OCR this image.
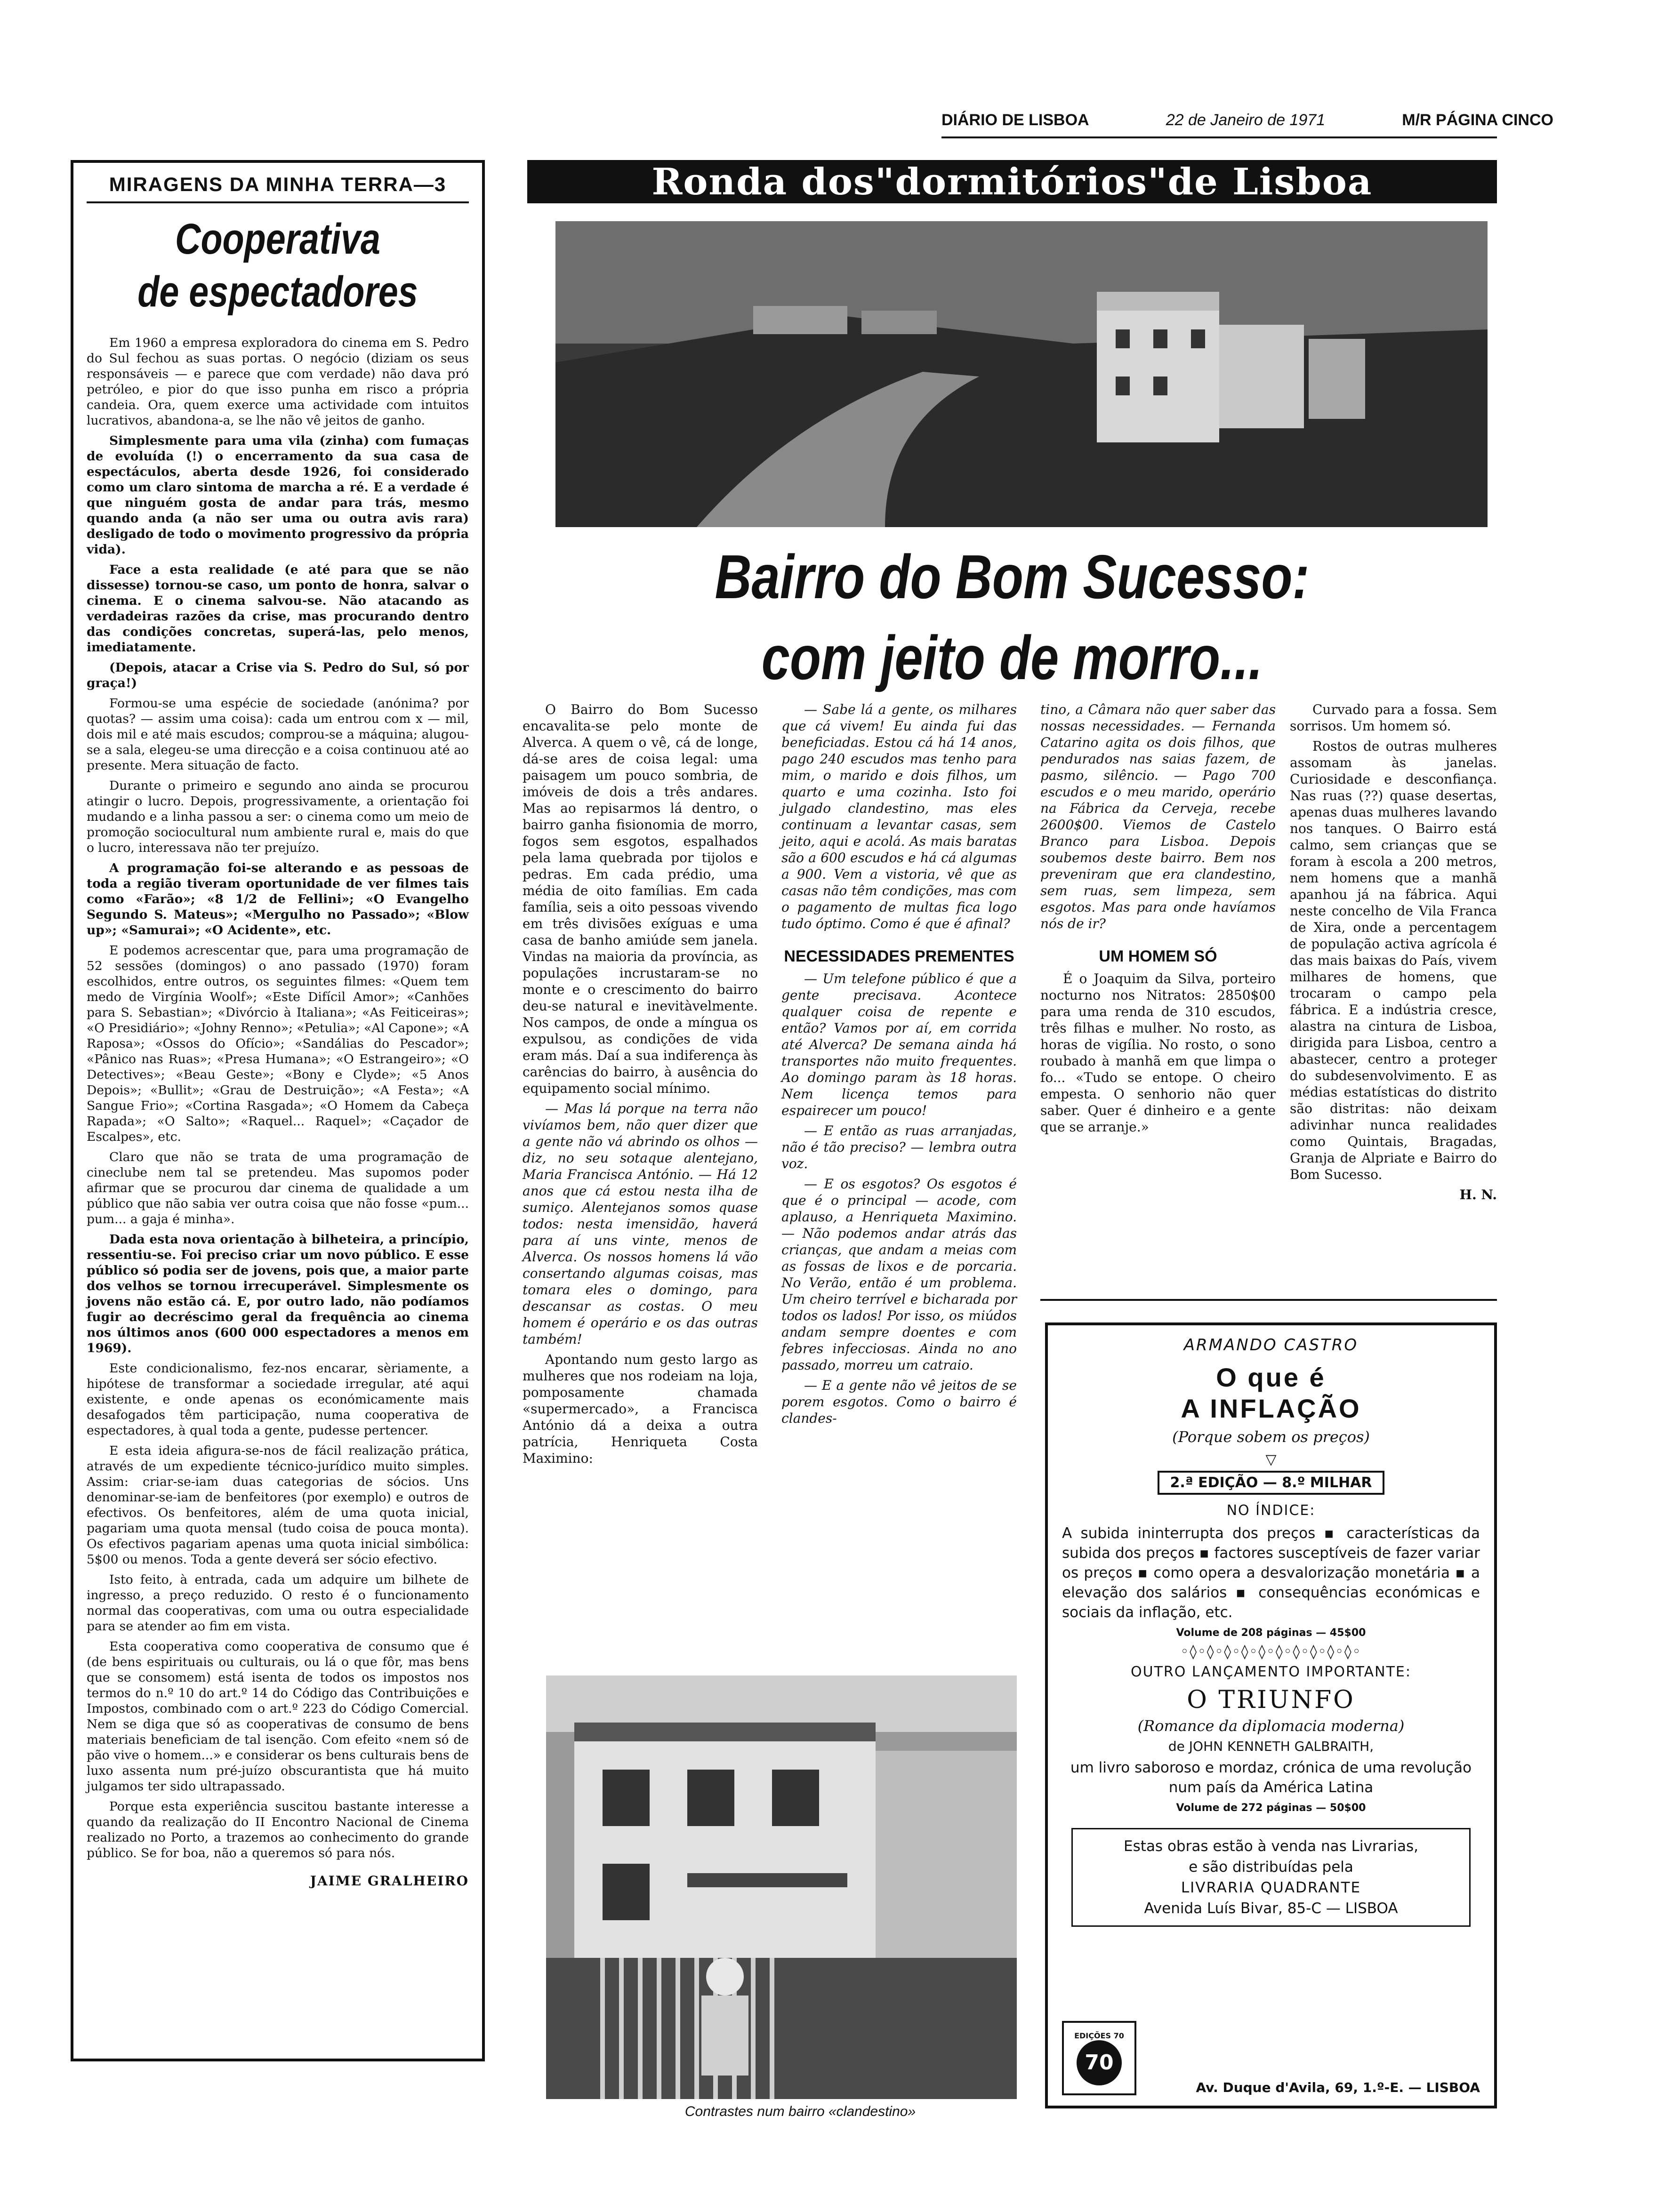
DIÁRIO DE LISBOA	22 de Janeiro de 1971	M/R PÁGINA CINCO
MIRAGENS DA MINHA TERRA—3
Cooperativa
de espectadores

Em 1960 a empresa exploradora do cinema em S. Pedro do Sul fechou as suas portas. O negócio (diziam os seus responsáveis — e parece que com verdade) não dava pró petróleo, e pior do que isso punha em risco a própria candeia. Ora, quem exerce uma actividade com intuitos lucrativos, abandona-a, se lhe não vê jeitos de ganho.

Simplesmente para uma vila (zinha) com fumaças de evoluída (!) o encerramento da sua casa de espectáculos, aberta desde 1926, foi considerado como um claro sintoma de marcha a ré. E a verdade é que ninguém gosta de andar para trás, mesmo quando anda (a não ser uma ou outra avis rara) desligado de todo o movimento progressivo da própria vida).

Face a esta realidade (e até para que se não dissesse) tornou-se caso, um ponto de honra, salvar o cinema. E o cinema salvou-se. Não atacando as verdadeiras razões da crise, mas procurando dentro das condições concretas, superá-las, pelo menos, imediatamente.

(Depois, atacar a Crise via S. Pedro do Sul, só por graça!)

Formou-se uma espécie de sociedade (anónima? por quotas? — assim uma coisa): cada um entrou com x — mil, dois mil e até mais escudos; comprou-se a máquina; alugou-se a sala, elegeu-se uma direcção e a coisa continuou até ao presente. Mera situação de facto.

Durante o primeiro e segundo ano ainda se procurou atingir o lucro. Depois, progressivamente, a orientação foi mudando e a linha passou a ser: o cinema como um meio de promoção sociocultural num ambiente rural e, mais do que o lucro, interessava não ter prejuízo.

A programação foi-se alterando e as pessoas de toda a região tiveram oportunidade de ver filmes tais como «Farão»; «8 1/2 de Fellini»; «O Evangelho Segundo S. Mateus»; «Mergulho no Passado»; «Blow up»; «Samurai»; «O Acidente», etc.

E podemos acrescentar que, para uma programação de 52 sessões (domingos) o ano passado (1970) foram escolhidos, entre outros, os seguintes filmes: «Quem tem medo de Virgínia Woolf»; «Este Difícil Amor»; «Canhões para S. Sebastian»; «Divórcio à Italiana»; «As Feiticeiras»; «O Presidiário»; «Johny Renno»; «Petulia»; «Al Capone»; «A Raposa»; «Ossos do Ofício»; «Sandálias do Pescador»; «Pânico nas Ruas»; «Presa Humana»; «O Estrangeiro»; «O Detectives»; «Beau Geste»; «Bony e Clyde»; «5 Anos Depois»; «Bullit»; «Grau de Destruição»; «A Festa»; «A Sangue Frio»; «Cortina Rasgada»; «O Homem da Cabeça Rapada»; «O Salto»; «Raquel... Raquel»; «Caçador de Escalpes», etc.

Claro que não se trata de uma programação de cineclube nem tal se pretendeu. Mas supomos poder afirmar que se procurou dar cinema de qualidade a um público que não sabia ver outra coisa que não fosse «pum... pum... a gaja é minha».

Dada esta nova orientação à bilheteira, a princípio, ressentiu-se. Foi preciso criar um novo público. E esse público só podia ser de jovens, pois que, a maior parte dos velhos se tornou irrecuperável. Simplesmente os jovens não estão cá. E, por outro lado, não podíamos fugir ao decréscimo geral da frequência ao cinema nos últimos anos (600 000 espectadores a menos em 1969).

Este condicionalismo, fez-nos encarar, sèriamente, a hipótese de transformar a sociedade irregular, até aqui existente, e onde apenas os económicamente mais desafogados têm participação, numa cooperativa de espectadores, à qual toda a gente, pudesse pertencer.

E esta ideia afigura-se-nos de fácil realização prática, através de um expediente técnico-jurídico muito simples. Assim: criar-se-iam duas categorias de sócios. Uns denominar-se-iam de benfeitores (por exemplo) e outros de efectivos. Os benfeitores, além de uma quota inicial, pagariam uma quota mensal (tudo coisa de pouca monta). Os efectivos pagariam apenas uma quota inicial simbólica: 5$00 ou menos. Toda a gente deverá ser sócio efectivo.

Isto feito, à entrada, cada um adquire um bilhete de ingresso, a preço reduzido. O resto é o funcionamento normal das cooperativas, com uma ou outra especialidade para se atender ao fim em vista.

Esta cooperativa como cooperativa de consumo que é (de bens espirituais ou culturais, ou lá o que fôr, mas bens que se consomem) está isenta de todos os impostos nos termos do n.º 10 do art.º 14 do Código das Contribuições e Impostos, combinado com o art.º 223 do Código Comercial. Nem se diga que só as cooperativas de consumo de bens materiais beneficiam de tal isenção. Com efeito «nem só de pão vive o homem...» e considerar os bens culturais bens de luxo assenta num pré-juízo obscurantista que há muito julgamos ter sido ultrapassado.

Porque esta experiência suscitou bastante interesse a quando da realização do II Encontro Nacional de Cinema realizado no Porto, a trazemos ao conhecimento do grande público. Se for boa, não a queremos só para nós.

JAIME GRALHEIRO
Ronda dos"dormitórios"de Lisboa
Bairro do Bom Sucesso:
com jeito de morro...

O Bairro do Bom Sucesso encavalita-se pelo monte de Alverca. A quem o vê, cá de longe, dá-se ares de coisa legal: uma paisagem um pouco sombria, de imóveis de dois a três andares. Mas ao repisarmos lá dentro, o bairro ganha fisionomia de morro, fogos sem esgotos, espalhados pela lama quebrada por tijolos e pedras. Em cada prédio, uma média de oito famílias. Em cada família, seis a oito pessoas vivendo em três divisões exíguas e uma casa de banho amiúde sem janela. Vindas na maioria da província, as populações incrustaram-se no monte e o crescimento do bairro deu-se natural e inevitàvelmente. Nos campos, de onde a míngua os expulsou, as condições de vida eram más. Daí a sua indiferença às carências do bairro, à ausência do equipamento social mínimo.

— Mas lá porque na terra não vivíamos bem, não quer dizer que a gente não vá abrindo os olhos — diz, no seu sotaque alentejano, Maria Francisca António. — Há 12 anos que cá estou nesta ilha de sumiço. Alentejanos somos quase todos: nesta imensidão, haverá para aí uns vinte, menos de Alverca. Os nossos homens lá vão consertando algumas coisas, mas tomara eles o domingo, para descansar as costas. O meu homem é operário e os das outras também!

Apontando num gesto largo as mulheres que nos rodeiam na loja, pomposamente chamada «supermercado», a Francisca António dá a deixa a outra patrícia, Henriqueta Costa Maximino:

— Sabe lá a gente, os milhares que cá vivem! Eu ainda fui das beneficiadas. Estou cá há 14 anos, pago 240 escudos mas tenho para mim, o marido e dois filhos, um quarto e uma cozinha. Isto foi julgado clandestino, mas eles continuam a levantar casas, sem jeito, aqui e acolá. As mais baratas são a 600 escudos e há cá algumas a 900. Vem a vistoria, vê que as casas não têm condições, mas com o pagamento de multas fica logo tudo óptimo. Como é que é afinal?

NECESSIDADES PREMENTES

— Um telefone público é que a gente precisava. Acontece qualquer coisa de repente e então? Vamos por aí, em corrida até Alverca? De semana ainda há transportes não muito frequentes. Ao domingo param às 18 horas. Nem licença temos para espairecer um pouco!

— E então as ruas arranjadas, não é tão preciso? — lembra outra voz.

— E os esgotos? Os esgotos é que é o principal — acode, com aplauso, a Henriqueta Maximino. — Não podemos andar atrás das crianças, que andam a meias com as fossas de lixos e de porcaria. No Verão, então é um problema. Um cheiro terrível e bicharada por todos os lados! Por isso, os miúdos andam sempre doentes e com febres infecciosas. Ainda no ano passado, morreu um catraio.

— E a gente não vê jeitos de se porem esgotos. Como o bairro é clandes-

tino, a Câmara não quer saber das nossas necessidades. — Fernanda Catarino agita os dois filhos, que pendurados nas saias fazem, de pasmo, silêncio. — Pago 700 escudos e o meu marido, operário na Fábrica da Cerveja, recebe 2600$00. Viemos de Castelo Branco para Lisboa. Depois soubemos deste bairro. Bem nos preveniram que era clandestino, sem ruas, sem limpeza, sem esgotos. Mas para onde havíamos nós de ir?

UM HOMEM SÓ

É o Joaquim da Silva, porteiro nocturno nos Nitratos: 2850$00 para uma renda de 310 escudos, três filhas e mulher. No rosto, as horas de vigília. No rosto, o sono roubado à manhã em que limpa o fo... «Tudo se entope. O cheiro empesta. O senhorio não quer saber. Quer é dinheiro e a gente que se arranje.»

Curvado para a fossa. Sem sorrisos. Um homem só.

Rostos de outras mulheres assomam às janelas. Curiosidade e desconfiança. Nas ruas (??) quase desertas, apenas duas mulheres lavando nos tanques. O Bairro está calmo, sem crianças que se foram à escola a 200 metros, nem homens que a manhã apanhou já na fábrica. Aqui neste concelho de Vila Franca de Xira, onde a percentagem de população activa agrícola é das mais baixas do País, vivem milhares de homens, que trocaram o campo pela fábrica. E a indústria cresce, alastra na cintura de Lisboa, dirigida para Lisboa, centro a abastecer, centro a proteger do subdesenvolvimento. E as médias estatísticas do distrito são distritas: não deixam adivinhar nunca realidades como Quintais, Bragadas, Granja de Alpriate e Bairro do Bom Sucesso.

H. N.

Contrastes num bairro «clandestino»
ARMANDO CASTRO
O que é
A INFLAÇÃO
(Porque sobem os preços)
▽
2.ª EDIÇÃO — 8.º MILHAR
NO ÍNDICE:
A subida ininterrupta dos preços ▪ características da subida dos preços ▪ factores susceptíveis de fazer variar os preços ▪ como opera a desvalorização monetária ▪ a elevação dos salários ▪ consequências económicas e sociais da inflação, etc.
Volume de 208 páginas — 45$00
◦◊◦◊◦◊◦◊◦◊◦◊◦◊◦◊◦◊◦◊◦
OUTRO LANÇAMENTO IMPORTANTE:
O TRIUNFO
(Romance da diplomacia moderna)
de JOHN KENNETH GALBRAITH,
um livro saboroso e mordaz, crónica de uma revolução num país da América Latina
Volume de 272 páginas — 50$00
Estas obras estão à venda nas Livrarias,
e são distribuídas pela
LIVRARIA QUADRANTE
Avenida Luís Bivar, 85-C — LISBOA
EDIÇÕES 70
70
Av. Duque d'Avila, 69, 1.º-E. — LISBOA
